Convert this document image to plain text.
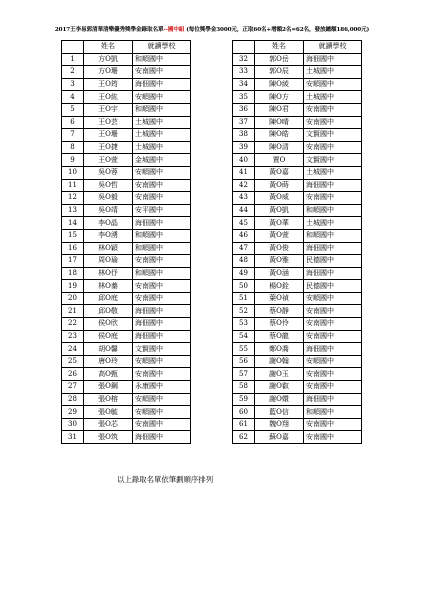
2017王李易郭清華清樂優秀獎學金錄取名單--國中組 (每位獎學金3000元，正取60名+增額2名=62名，發放總額186,000元)
	姓名	就讀學校
1	方O凱	和順國中
2	方O珊	安南國中
3	王O筠	海佃國中
4	王O紘	安順國中
5	王O宇	和順國中
6	王O芸	土城國中
7	王O珊	土城國中
8	王O捷	土城國中
9	王O萱	金城國中
10	吳O蓉	安順國中
11	吳O哲	安南國中
12	吳O毅	安南國中
13	吳O靖	安平國中
14	李O晶	海佃國中
15	李O湧	和順國中
16	林O穎	和順國中
17	周O瑜	安南國中
18	林O伃	和順國中
19	林O蓁	安南國中
20	邱O庭	安南國中
21	邱O敬	海佃國中
22	侯O欣	海佃國中
23	侯O庭	海佃國中
24	胡O馨	文賢國中
25	唐O玲	安順國中
26	高O甄	安南國中
27	張O鋼	永康國中
28	張O榕	安順國中
29	張O毓	安順國中
30	張O芯	安南國中
31	張O筑	海佃國中
	姓名	就讀學校
32	郭O岳	海佃國中
33	郭O辰	土城國中
34	陳O綾	安順國中
35	陳O方	土城國中
36	陳O君	安南國中
37	陳O晴	安南國中
38	陳O皓	文賢國中
39	陳O清	安南國中
40	賈O	文賢國中
41	黃O嘉	土城國中
42	黃O蒔	海佃國中
43	黃O威	安南國中
44	黃O凱	和順國中
45	黃O華	土城國中
46	黃O萱	和順國中
47	黃O俊	海佃國中
48	黃O雅	民德國中
49	黃O涵	海佃國中
50	楊O銓	民德國中
51	葉O禎	安順國中
52	蔡O靜	安南國中
53	蔡O伶	安南國中
54	蔡O龍	安南國中
55	鄭O喬	海佃國中
56	謝O翰	安順國中
57	謝O玉	安南國中
58	謝O叡	安南國中
59	謝O嬛	海佃國中
60	藍O信	和順國中
61	魏O翔	安南國中
62	蘇O嘉	安南國中
以上錄取名單依筆劃順序排列
